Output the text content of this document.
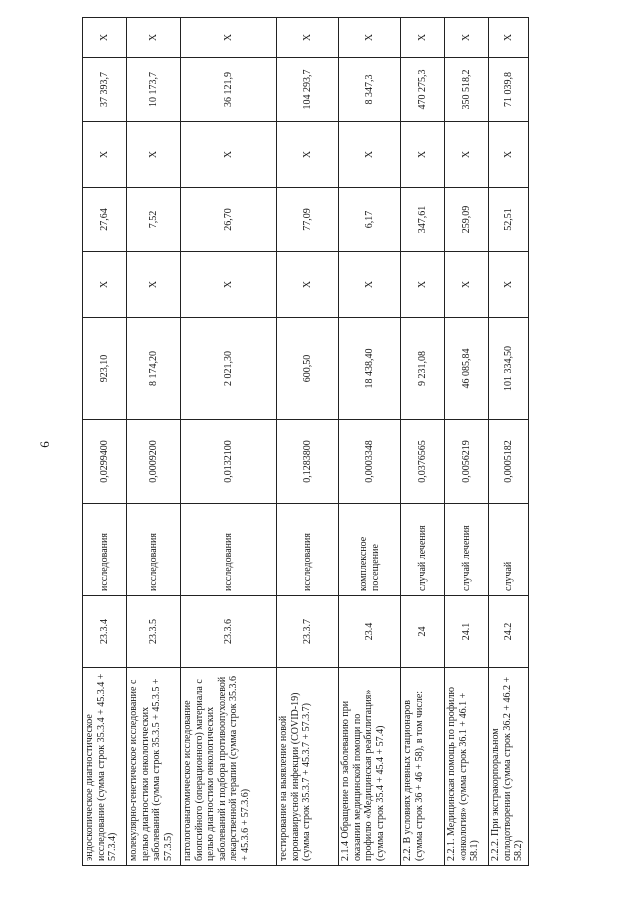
6
эндоскопическое диагностическое исследование (сумма строк 35.3.4 + 45.3.4 + 57.3.4)	23.3.4	исследования	0,0299400	923,10	X	27,64	X	37 393,7	X
молекулярно-генетическое исследование с целью диагностики онкологических заболеваний (сумма строк 35.3.5 + 45.3.5 + 57.3.5)	23.3.5	исследования	0,0009200	8 174,20	X	7,52	X	10 173,7	X
патологоанатомическое исследование биопсийного (операционного) материала с целью диагностики онкологических заболеваний и подбора противоопухолевой лекарственной терапии (сумма строк 35.3.6 + 45.3.6 + 57.3.6)	23.3.6	исследования	0,0132100	2 021,30	X	26,70	X	36 121,9	X
тестирование на выявление новой коронавирусной инфекции (COVID-19) (сумма строк 35.3.7 + 45.3.7 + 57.3.7)	23.3.7	исследования	0,1283800	600,50	X	77,09	X	104 293,7	X
2.1.4 Обращение по заболеванию при оказании медицинской помощи по профилю «Медицинская реабилитация» (сумма строк 35.4 + 45.4 + 57.4)	23.4	комплексное посещение	0,0003348	18 438,40	X	6,17	X	8 347,3	X
2.2. В условиях дневных стационаров (сумма строк 36 + 46 + 58), в том числе:	24	случай лечения	0,0376565	9 231,08	X	347,61	X	470 275,3	X
2.2.1. Медицинская помощь по профилю «онкология» (сумма строк 36.1 + 46.1 + 58.1)	24.1	случай лечения	0,0056219	46 085,84	X	259,09	X	350 518,2	X
2.2.2. При экстракорпоральном оплодотворении (сумма строк 36.2 + 46.2 + 58.2)	24.2	случай	0,0005182	101 334,50	X	52,51	X	71 039,8	X
